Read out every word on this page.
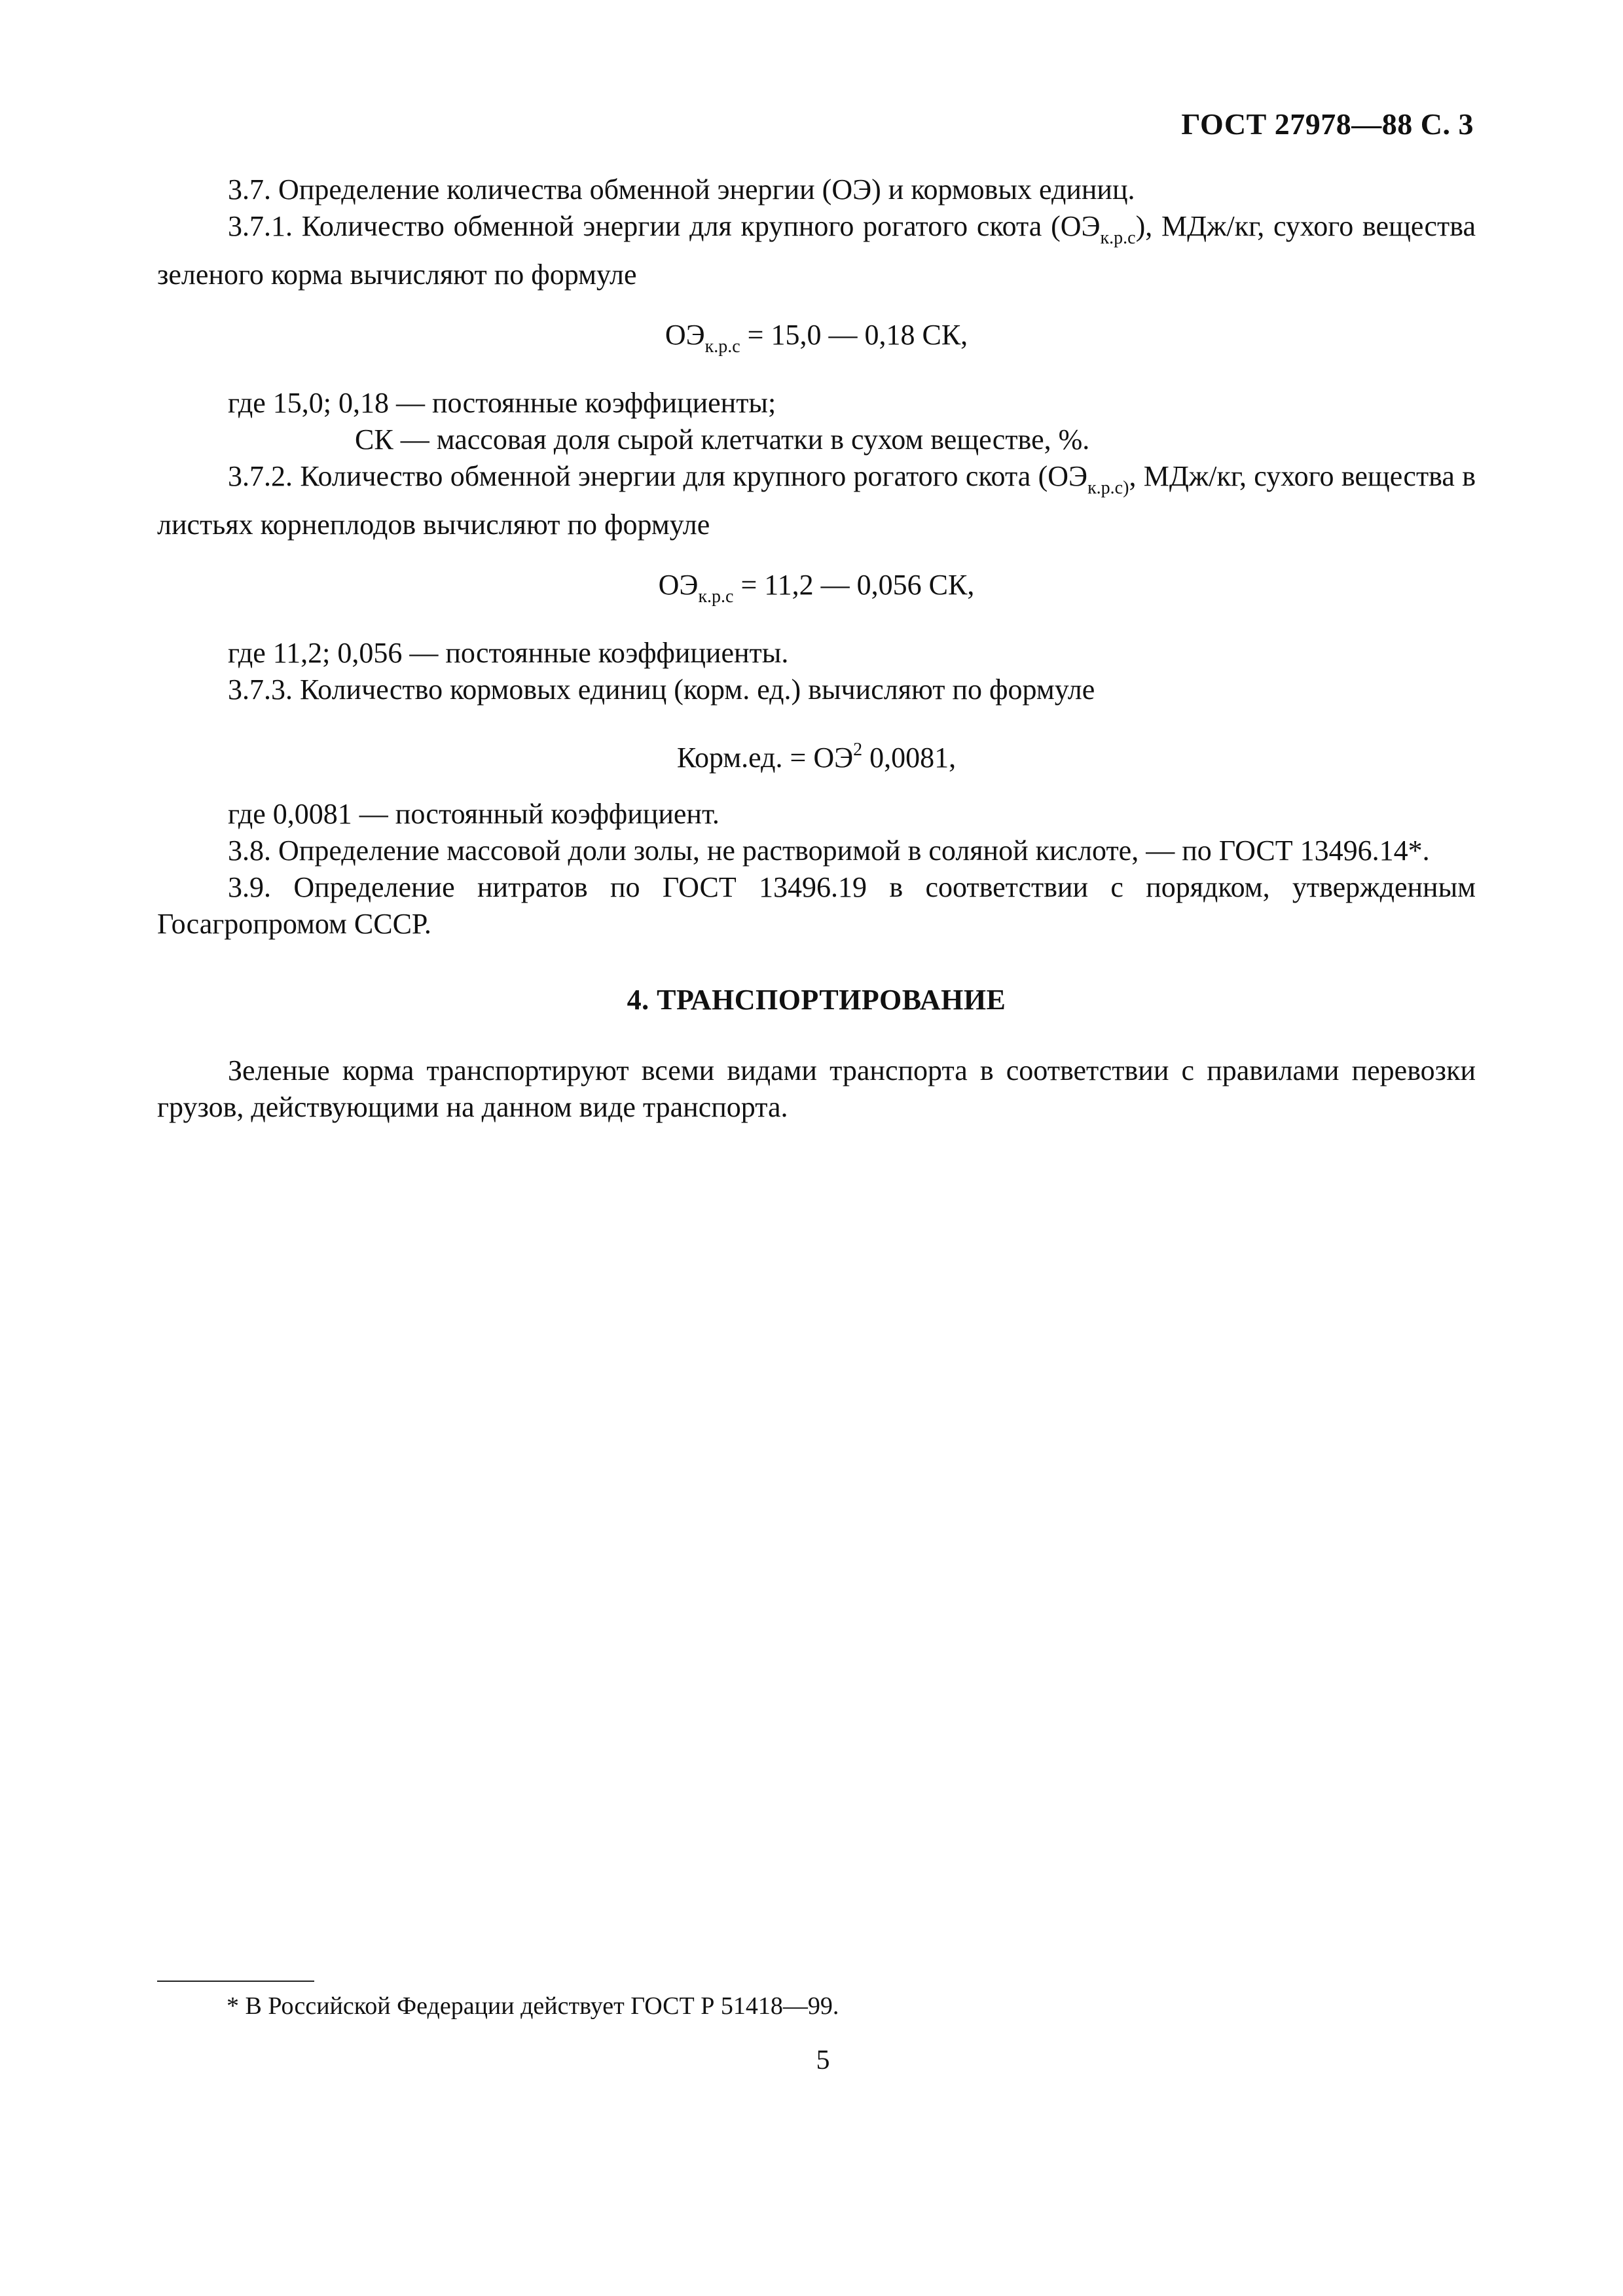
ГОСТ 27978—88 С. 3

3.7. Определение количества обменной энергии (ОЭ) и кормовых единиц.

3.7.1. Количество обменной энергии для крупного рогатого скота $(ОЭ_{к.р.с})$, МДж/кг, сухого вещества зеленого корма вычисляют по формуле

$ОЭ_{к.р.с} = 15,0$ — 0,18 СК,

где 15,0; 0,18 — постоянные коэффициенты;

СК — массовая доля сырой клетчатки в сухом веществе, %.

3.7.2. Количество обменной энергии для крупного рогатого скота ($ОЭ_{к.р.с)}$, МДж/кг, сухого вещества в листьях корнеплодов вычисляют по формуле

$ОЭ_{к.р.с} = 11,2$ — 0,056 СК,

где 11,2; 0,056 — постоянные коэффициенты.

3.7.3. Количество кормовых единиц (корм. ед.) вычисляют по формуле

Корм.ед. = $ОЭ^2$ 0,0081,

где 0,0081 — постоянный коэффициент.

3.8. Определение массовой доли золы, не растворимой в соляной кислоте, — по ГОСТ 13496.14*.

3.9. Определение нитратов по ГОСТ 13496.19 в соответствии с порядком, утвержденным Госагропромом СССР.

4. ТРАНСПОРТИРОВАНИЕ

Зеленые корма транспортируют всеми видами транспорта в соответствии с правилами перевозки грузов, действующими на данном виде транспорта.

* В Российской Федерации действует ГОСТ Р 51418—99.
5
